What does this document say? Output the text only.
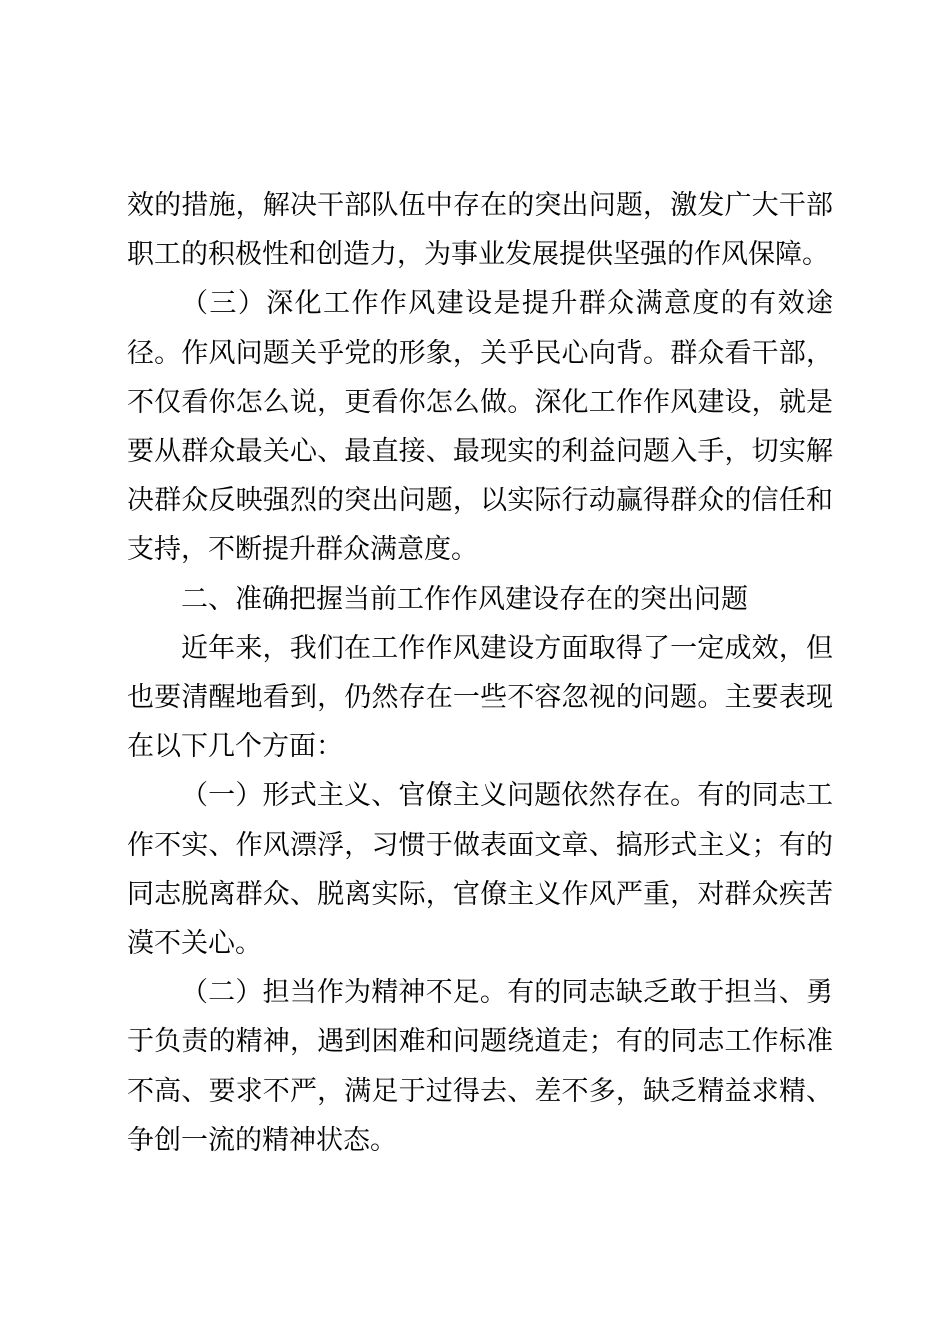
效的措施，解决干部队伍中存在的突出问题，激发广大干部职工的积极性和创造力，为事业发展提供坚强的作风保障。

（三）深化工作作风建设是提升群众满意度的有效途径。作风问题关乎党的形象，关乎民心向背。群众看干部，不仅看你怎么说，更看你怎么做。深化工作作风建设，就是要从群众最关心、最直接、最现实的利益问题入手，切实解决群众反映强烈的突出问题，以实际行动赢得群众的信任和支持，不断提升群众满意度。

二、准确把握当前工作作风建设存在的突出问题

近年来，我们在工作作风建设方面取得了一定成效，但也要清醒地看到，仍然存在一些不容忽视的问题。主要表现在以下几个方面：

（一）形式主义、官僚主义问题依然存在。有的同志工作不实、作风漂浮，习惯于做表面文章、搞形式主义；有的同志脱离群众、脱离实际，官僚主义作风严重，对群众疾苦漠不关心。

（二）担当作为精神不足。有的同志缺乏敢于担当、勇于负责的精神，遇到困难和问题绕道走；有的同志工作标准不高、要求不严，满足于过得去、差不多，缺乏精益求精、争创一流的精神状态。
